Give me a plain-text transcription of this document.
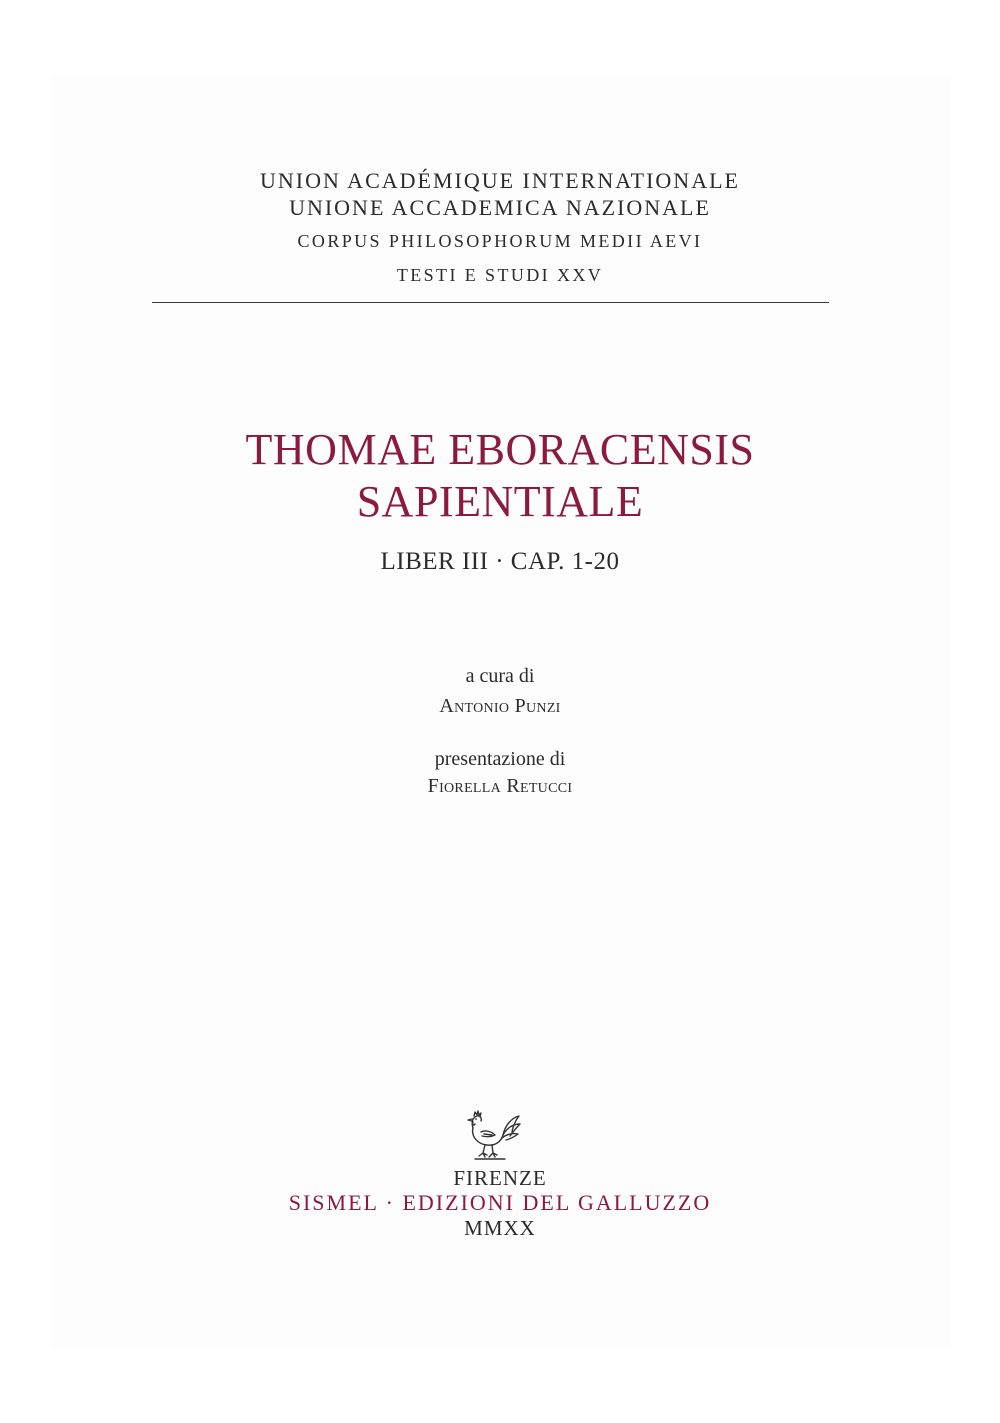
UNION ACADÉMIQUE INTERNATIONALE
UNIONE ACCADEMICA NAZIONALE
CORPUS PHILOSOPHORUM MEDII AEVI
TESTI E STUDI XXV
THOMAE EBORACENSIS
SAPIENTIALE
LIBER III · CAP. 1-20
a cura di
Antonio Punzi
presentazione di
Fiorella Retucci
FIRENZE
SISMEL · EDIZIONI DEL GALLUZZO
MMXX
